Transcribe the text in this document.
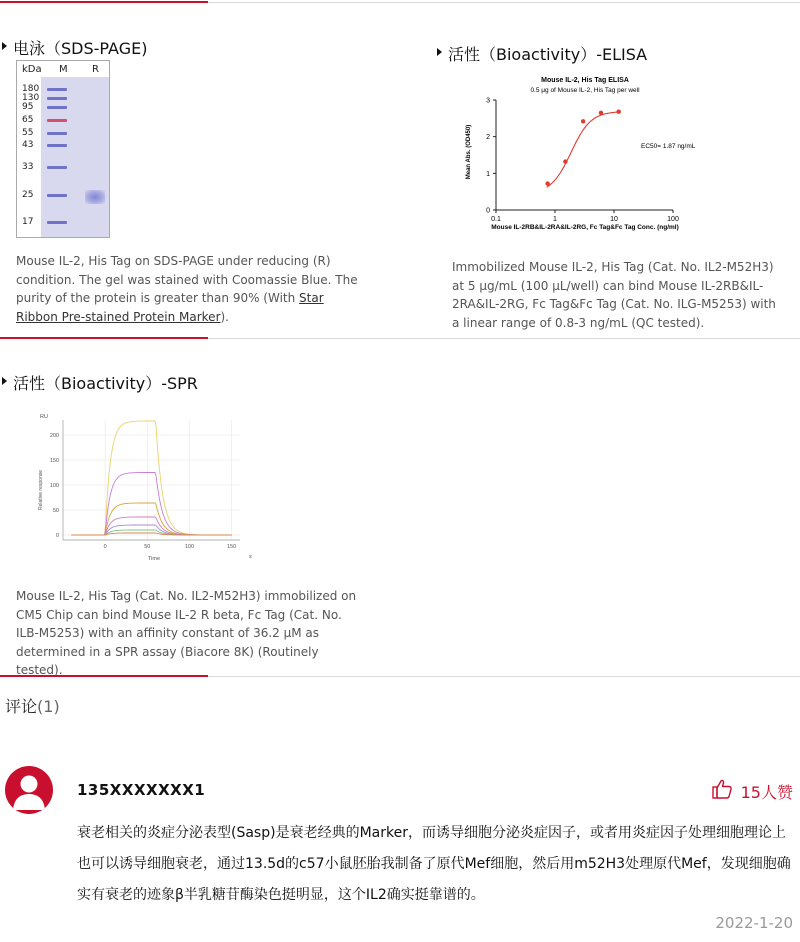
电泳（SDS-PAGE)
kDa M R
180
130
95
65
55
43
33
25
17
Mouse IL-2, His Tag on SDS-PAGE under reducing (R) condition. The gel was stained with Coomassie Blue. The purity of the protein is greater than 90% (With Star Ribbon Pre-stained Protein Marker).
活性（Bioactivity）-ELISA
Mouse IL-2, His Tag ELISA
0.5 μg of Mouse IL-2, His Tag per well
Mean Abs. (OD450)
Mouse IL-2RB&IL-2RA&IL-2RG, Fc Tag&Fc Tag Conc. (ng/ml)
EC50= 1.87 ng/mL
0
1
2
3
0.1	1	10	100
Immobilized Mouse IL-2, His Tag (Cat. No. IL2-M52H3) at 5 μg/mL (100 μL/well) can bind Mouse IL-2RB&IL-2RA&IL-2RG, Fc Tag&Fc Tag (Cat. No. ILG-M5253) with a linear range of 0.8-3 ng/mL (QC tested).
活性（Bioactivity）-SPR
RU
Relative response
Time	s
0
50
100
150
200
0	50	100	150
Mouse IL-2, His Tag (Cat. No. IL2-M52H3) immobilized on CM5 Chip can bind Mouse IL-2 R beta, Fc Tag (Cat. No. ILB-M5253) with an affinity constant of 36.2 μM as determined in a SPR assay (Biacore 8K) (Routinely tested).
评论(1)
135XXXXXXX1	15人赞
衰老相关的炎症分泌表型(Sasp)是衰老经典的Marker，而诱导细胞分泌炎症因子，或者用炎症因子处理细胞理论上也可以诱导细胞衰老，通过13.5d的c57小鼠胚胎我制备了原代Mef细胞，然后用m52H3处理原代Mef，发现细胞确实有衰老的迹象β半乳糖苷酶染色挺明显，这个IL2确实挺靠谱的。
2022-1-20
